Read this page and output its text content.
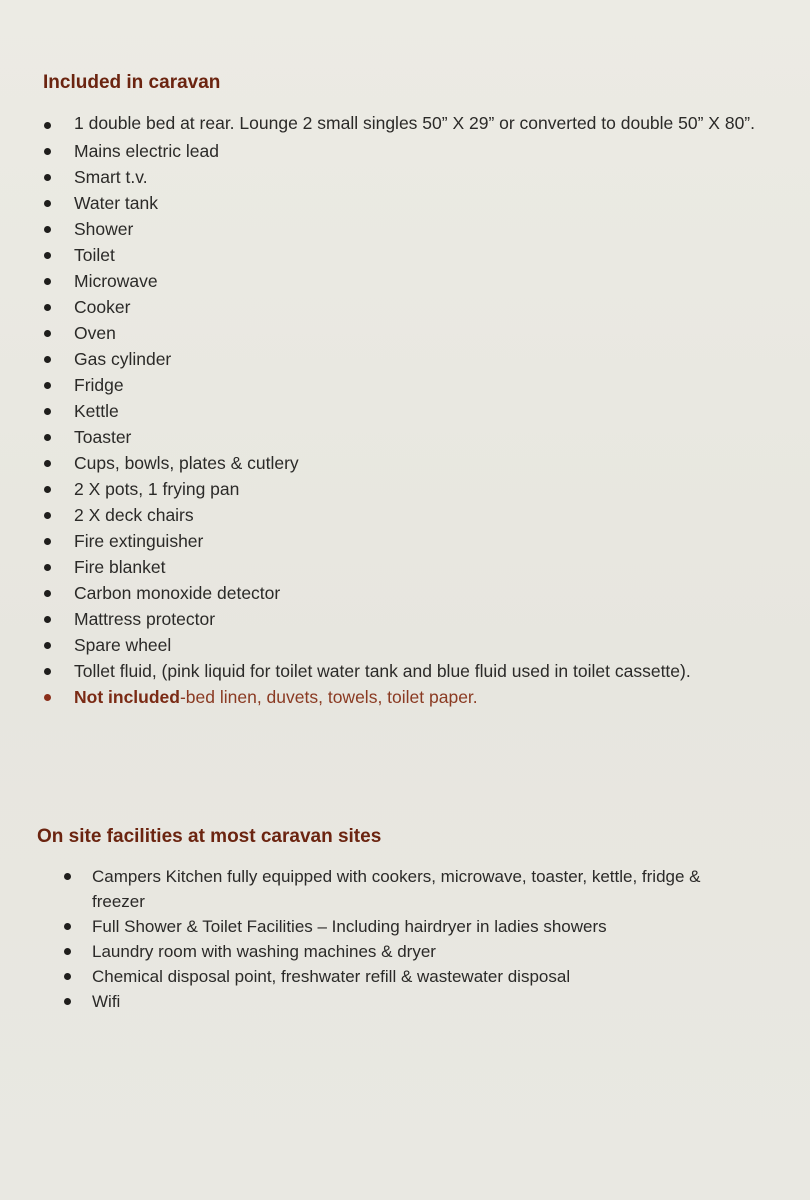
Included in caravan
1 double bed at rear. Lounge 2 small singles 50” X 29” or converted to double 50” X 80”.
Mains electric lead
Smart t.v.
Water tank
Shower
Toilet
Microwave
Cooker
Oven
Gas cylinder
Fridge
Kettle
Toaster
Cups, bowls, plates & cutlery
2 X pots, 1 frying pan
2 X deck chairs
Fire extinguisher
Fire blanket
Carbon monoxide detector
Mattress protector
Spare wheel
Tollet fluid, (pink liquid for toilet water tank and blue fluid used in toilet cassette).
Not included-bed linen, duvets, towels, toilet paper.
On site facilities at most caravan sites
Campers Kitchen fully equipped with cookers, microwave, toaster, kettle, fridge & freezer
Full Shower & Toilet Facilities – Including hairdryer in ladies showers
Laundry room with washing machines & dryer
Chemical disposal point, freshwater refill & wastewater disposal
Wifi
